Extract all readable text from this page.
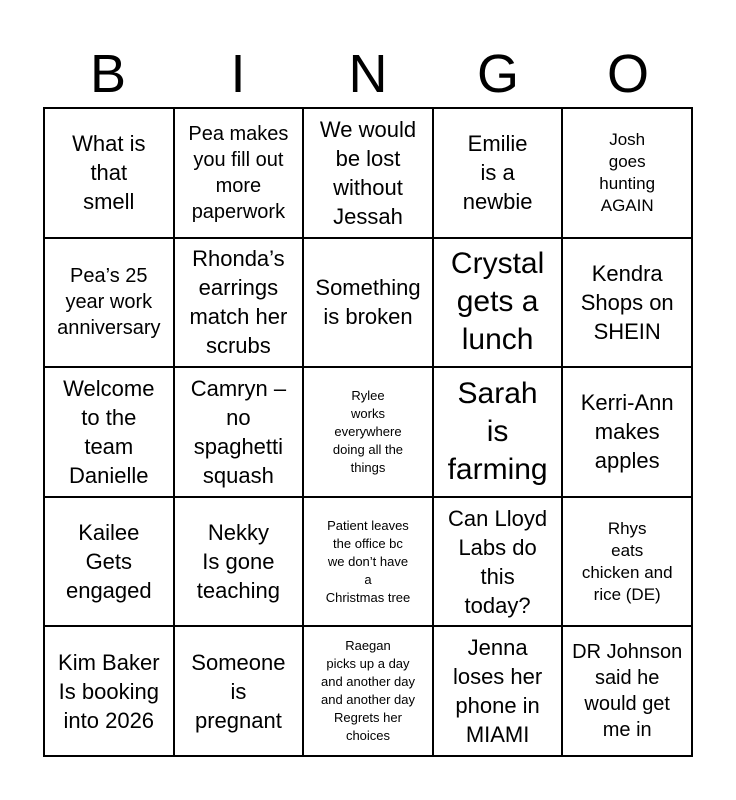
B	I	N	G	O
What is
that
smell
Pea makes
you fill out
more
paperwork
We would
be lost
without
Jessah
Emilie
is a
newbie
Josh
goes
hunting
AGAIN
Pea’s 25
year work
anniversary
Rhonda’s
earrings
match her
scrubs
Something
is broken
Crystal
gets a
lunch
Kendra
Shops on
SHEIN
Welcome
to the
team
Danielle
Camryn –
no
spaghetti
squash
Rylee
works
everywhere
doing all the
things
Sarah
is
farming
Kerri-Ann
makes
apples
Kailee
Gets
engaged
Nekky
Is gone
teaching
Patient leaves
the office bc
we don’t have
a
Christmas tree
Can Lloyd
Labs do
this
today?
Rhys
eats
chicken and
rice (DE)
Kim Baker
Is booking
into 2026
Someone
is
pregnant
Raegan
picks up a day
and another day
and another day
Regrets her
choices
Jenna
loses her
phone in
MIAMI
DR Johnson
said he
would get
me in
